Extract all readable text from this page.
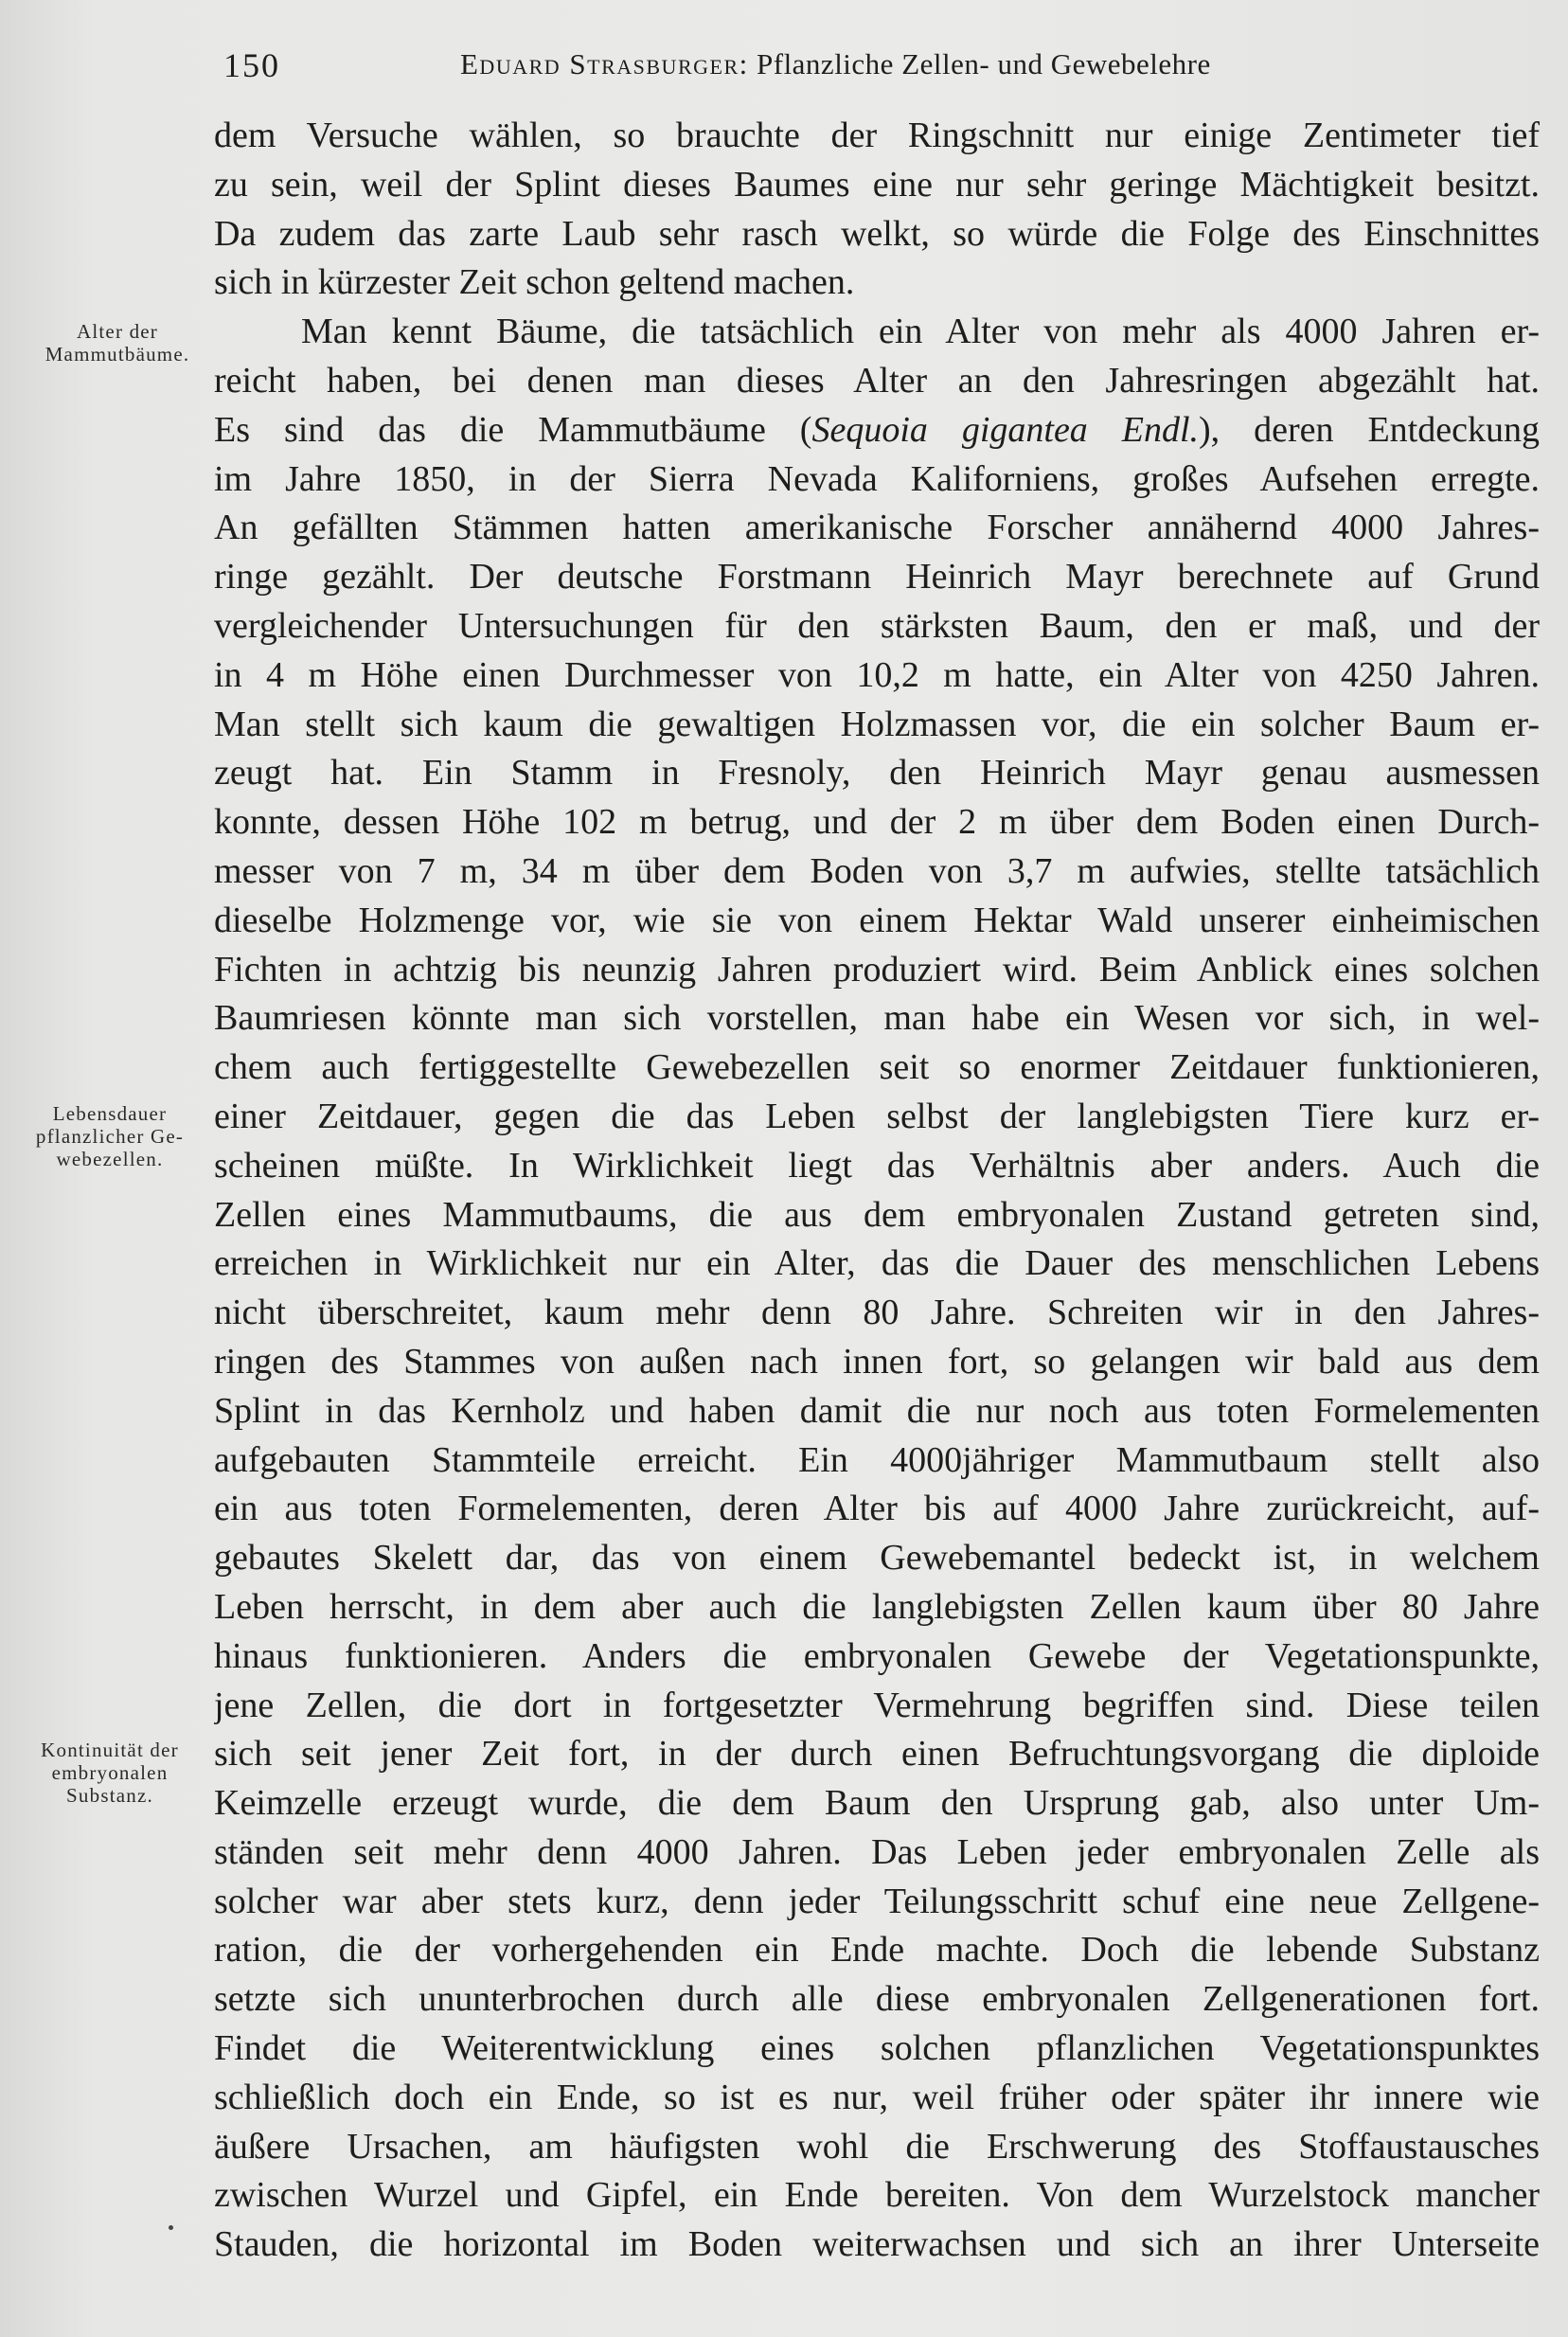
150	Eduard Strasburger: Pflanzliche Zellen- und Gewebelehre
Alter der
Mammutbäume.
Lebensdauer
pflanzlicher Ge-
webezellen.
Kontinuität der
embryonalen
Substanz.
dem Versuche wählen, so brauchte der Ringschnitt nur einige Zentimeter tief
zu sein, weil der Splint dieses Baumes eine nur sehr geringe Mächtigkeit besitzt.
Da zudem das zarte Laub sehr rasch welkt, so würde die Folge des Einschnittes
sich in kürzester Zeit schon geltend machen.
Man kennt Bäume, die tatsächlich ein Alter von mehr als 4000 Jahren er-
reicht haben, bei denen man dieses Alter an den Jahresringen abgezählt hat.
Es sind das die Mammutbäume (Sequoia gigantea Endl.), deren Entdeckung
im Jahre 1850, in der Sierra Nevada Kaliforniens, großes Aufsehen erregte.
An gefällten Stämmen hatten amerikanische Forscher annähernd 4000 Jahres-
ringe gezählt. Der deutsche Forstmann Heinrich Mayr berechnete auf Grund
vergleichender Untersuchungen für den stärksten Baum, den er maß, und der
in 4 m Höhe einen Durchmesser von 10,2 m hatte, ein Alter von 4250 Jahren.
Man stellt sich kaum die gewaltigen Holzmassen vor, die ein solcher Baum er-
zeugt hat. Ein Stamm in Fresnoly, den Heinrich Mayr genau ausmessen
konnte, dessen Höhe 102 m betrug, und der 2 m über dem Boden einen Durch-
messer von 7 m, 34 m über dem Boden von 3,7 m aufwies, stellte tatsächlich
dieselbe Holzmenge vor, wie sie von einem Hektar Wald unserer einheimischen
Fichten in achtzig bis neunzig Jahren produziert wird. Beim Anblick eines solchen
Baumriesen könnte man sich vorstellen, man habe ein Wesen vor sich, in wel-
chem auch fertiggestellte Gewebezellen seit so enormer Zeitdauer funktionieren,
einer Zeitdauer, gegen die das Leben selbst der langlebigsten Tiere kurz er-
scheinen müßte. In Wirklichkeit liegt das Verhältnis aber anders. Auch die
Zellen eines Mammutbaums, die aus dem embryonalen Zustand getreten sind,
erreichen in Wirklichkeit nur ein Alter, das die Dauer des menschlichen Lebens
nicht überschreitet, kaum mehr denn 80 Jahre. Schreiten wir in den Jahres-
ringen des Stammes von außen nach innen fort, so gelangen wir bald aus dem
Splint in das Kernholz und haben damit die nur noch aus toten Formelementen
aufgebauten Stammteile erreicht. Ein 4000jähriger Mammutbaum stellt also
ein aus toten Formelementen, deren Alter bis auf 4000 Jahre zurückreicht, auf-
gebautes Skelett dar, das von einem Gewebemantel bedeckt ist, in welchem
Leben herrscht, in dem aber auch die langlebigsten Zellen kaum über 80 Jahre
hinaus funktionieren. Anders die embryonalen Gewebe der Vegetationspunkte,
jene Zellen, die dort in fortgesetzter Vermehrung begriffen sind. Diese teilen
sich seit jener Zeit fort, in der durch einen Befruchtungsvorgang die diploide
Keimzelle erzeugt wurde, die dem Baum den Ursprung gab, also unter Um-
ständen seit mehr denn 4000 Jahren. Das Leben jeder embryonalen Zelle als
solcher war aber stets kurz, denn jeder Teilungsschritt schuf eine neue Zellgene-
ration, die der vorhergehenden ein Ende machte. Doch die lebende Substanz
setzte sich ununterbrochen durch alle diese embryonalen Zellgenerationen fort.
Findet die Weiterentwicklung eines solchen pflanzlichen Vegetationspunktes
schließlich doch ein Ende, so ist es nur, weil früher oder später ihr innere wie
äußere Ursachen, am häufigsten wohl die Erschwerung des Stoffaustausches
zwischen Wurzel und Gipfel, ein Ende bereiten. Von dem Wurzelstock mancher
Stauden, die horizontal im Boden weiterwachsen und sich an ihrer Unterseite
